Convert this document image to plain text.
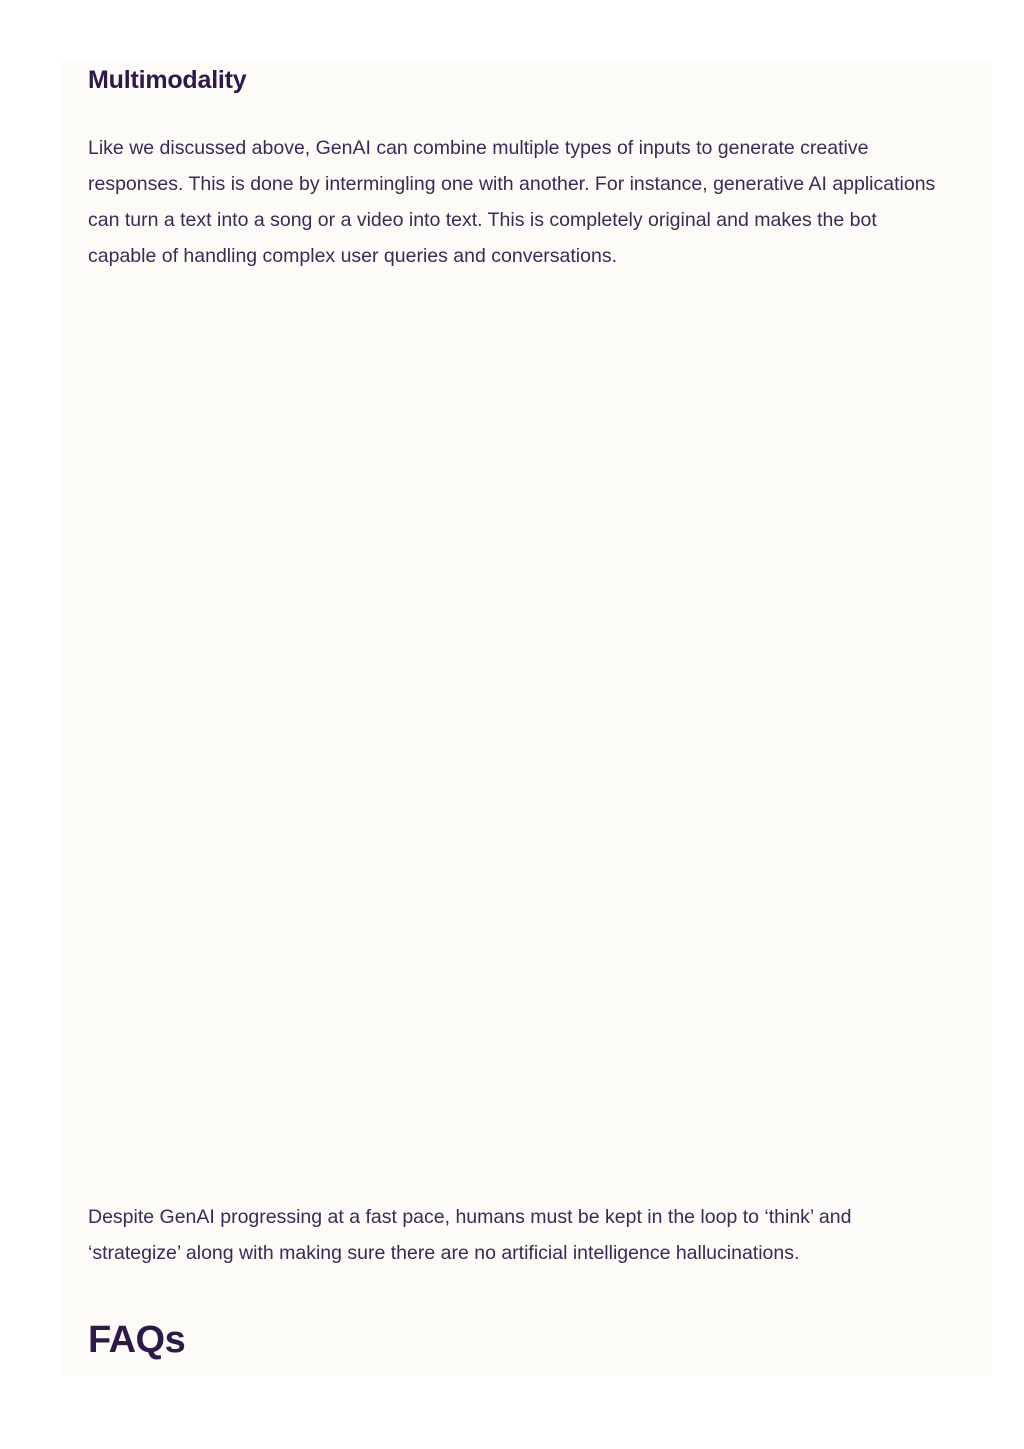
Multimodality

Like we discussed above, GenAI can combine multiple types of inputs to generate creative responses. This is done by intermingling one with another. For instance, generative AI applications can turn a text into a song or a video into text. This is completely original and makes the bot capable of handling complex user queries and conversations.

Despite GenAI progressing at a fast pace, humans must be kept in the loop to ‘think’ and ‘strategize’ along with making sure there are no artificial intelligence hallucinations.

FAQs
